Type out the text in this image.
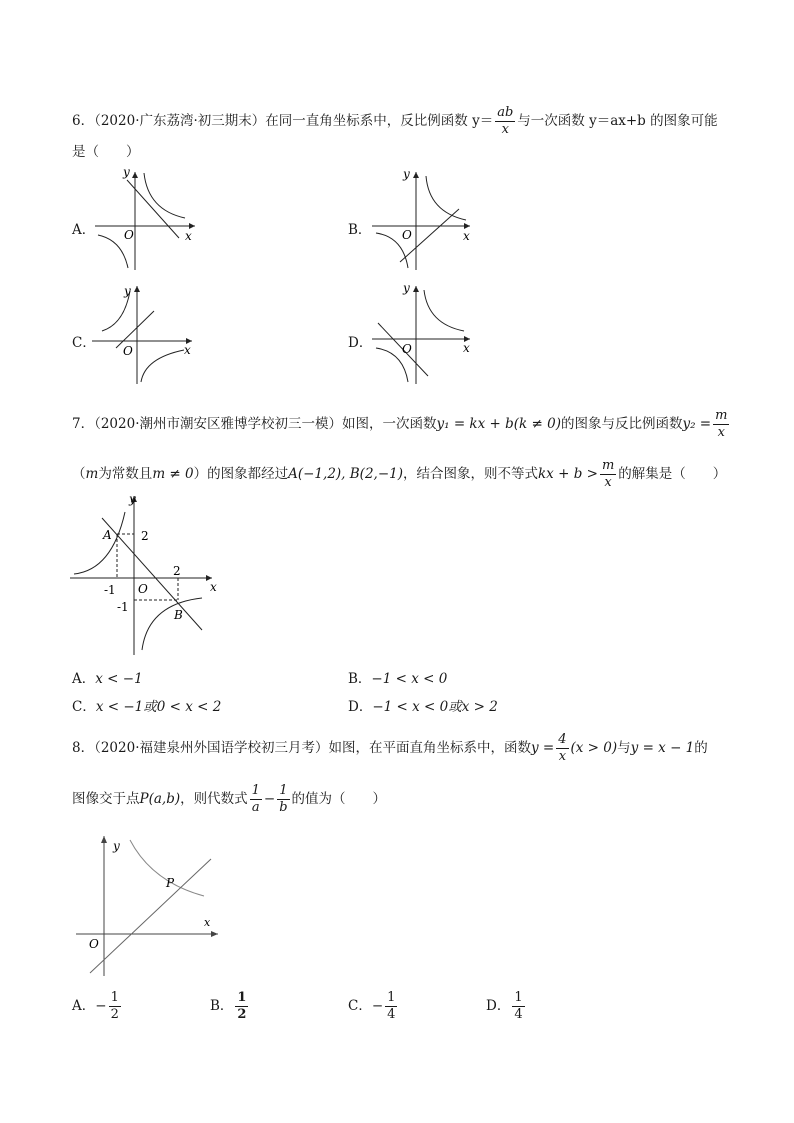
6．（2020·广东荔湾·初三期末）在同一直角坐标系中，反比例函数 $y= \frac{ab}{x}$ 与一次函数 y＝ax+b 的图象可能
是（　　）
A．
y
x
O	B．
y
x
O
C．
y
x
O	D．
y
x
O
7．（2020·潮州市潮安区雅博学校初三一模）如图，一次函数y₁ = kx + b(k ≠ 0)的图象与反比例函数$y_2 = \frac{m}{x}$
（m为常数且m ≠ 0）的图象都经过A(−1,2), B(2,−1)，结合图象，则不等式kx + $b > \frac{m}{x}$ 的解集是（　　）
y
x
O
A
B
2
2
-1
-1
A．x < −1	B．−1 < x < 0
C．x < −1或0 < x < 2	D．−1 < x < 0或x > 2
8．（2020·福建泉州外国语学校初三月考）如图，在平面直角坐标系中，函数$y = \frac{4}{x} (x > 0)$与y = x − 1的
图像交于点P(a,b)，则代数式 $\frac{1}{a} - \frac{1}{b}$ 的值为（　　）
y
x
O
P
A．− $\frac{1}{2}$	B． $\frac{1}{2}$	C．− $\frac{1}{4}$	D． $\frac{1}{4}$
